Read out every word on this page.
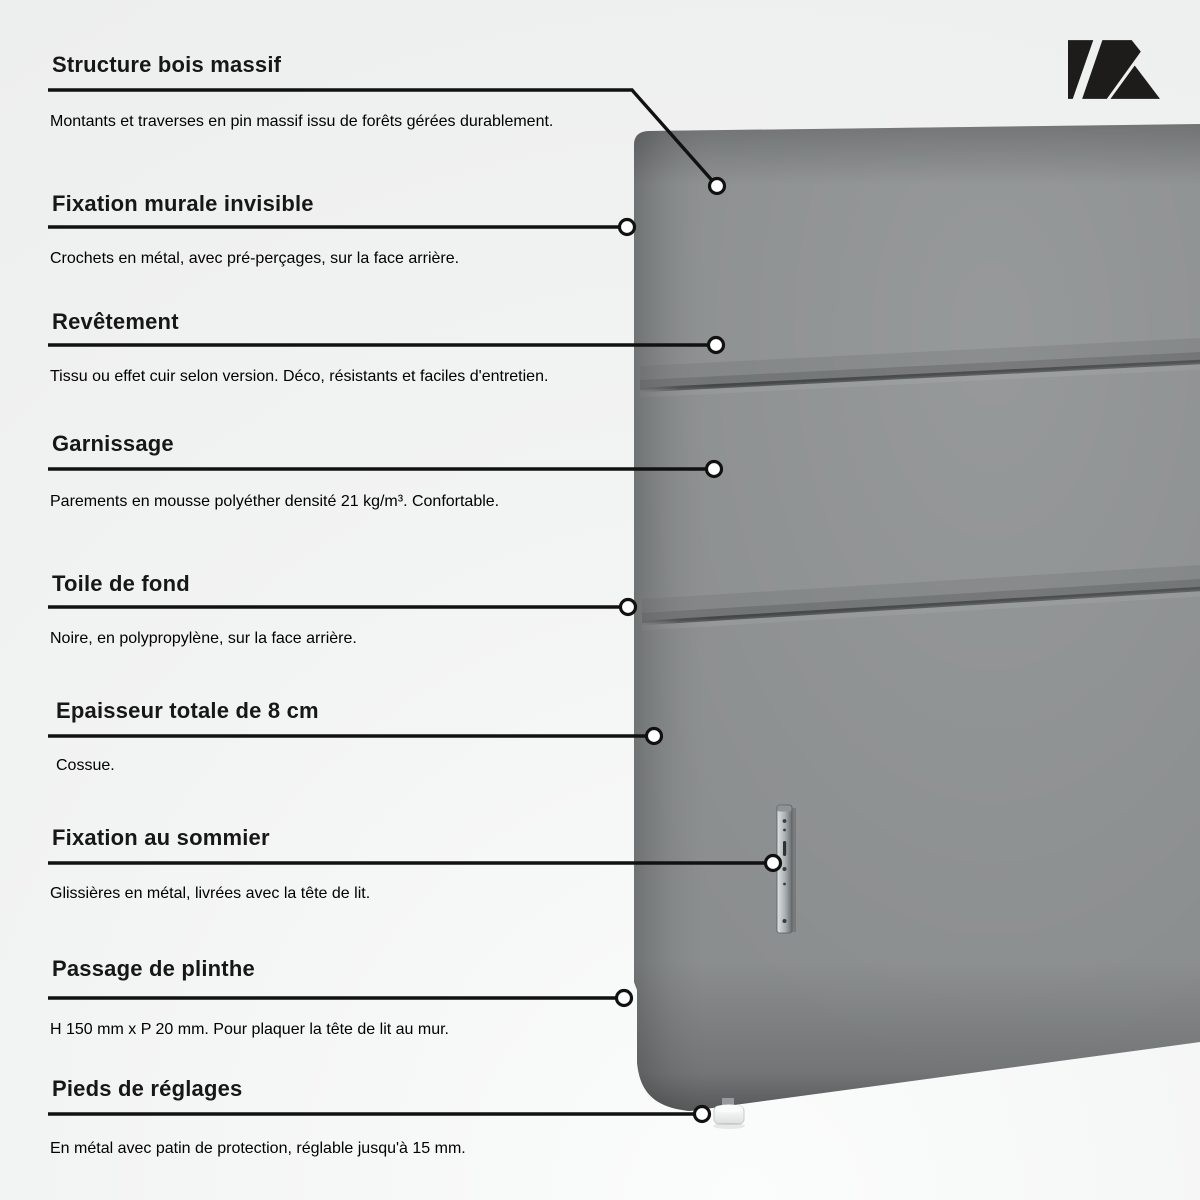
Structure bois massif

Montants et traverses en pin massif issu de forêts gérées durablement.

Fixation murale invisible

Crochets en métal, avec pré-perçages, sur la face arrière.

Revêtement

Tissu ou effet cuir selon version. Déco, résistants et faciles d'entretien.

Garnissage

Parements en mousse polyéther densité 21 kg/m³. Confortable.

Toile de fond

Noire, en polypropylène, sur la face arrière.

Epaisseur totale de 8 cm

Cossue.

Fixation au sommier

Glissières en métal, livrées avec la tête de lit.

Passage de plinthe

H 150 mm x P 20 mm. Pour plaquer la tête de lit au mur.

Pieds de réglages

En métal avec patin de protection, réglable jusqu'à 15 mm.
